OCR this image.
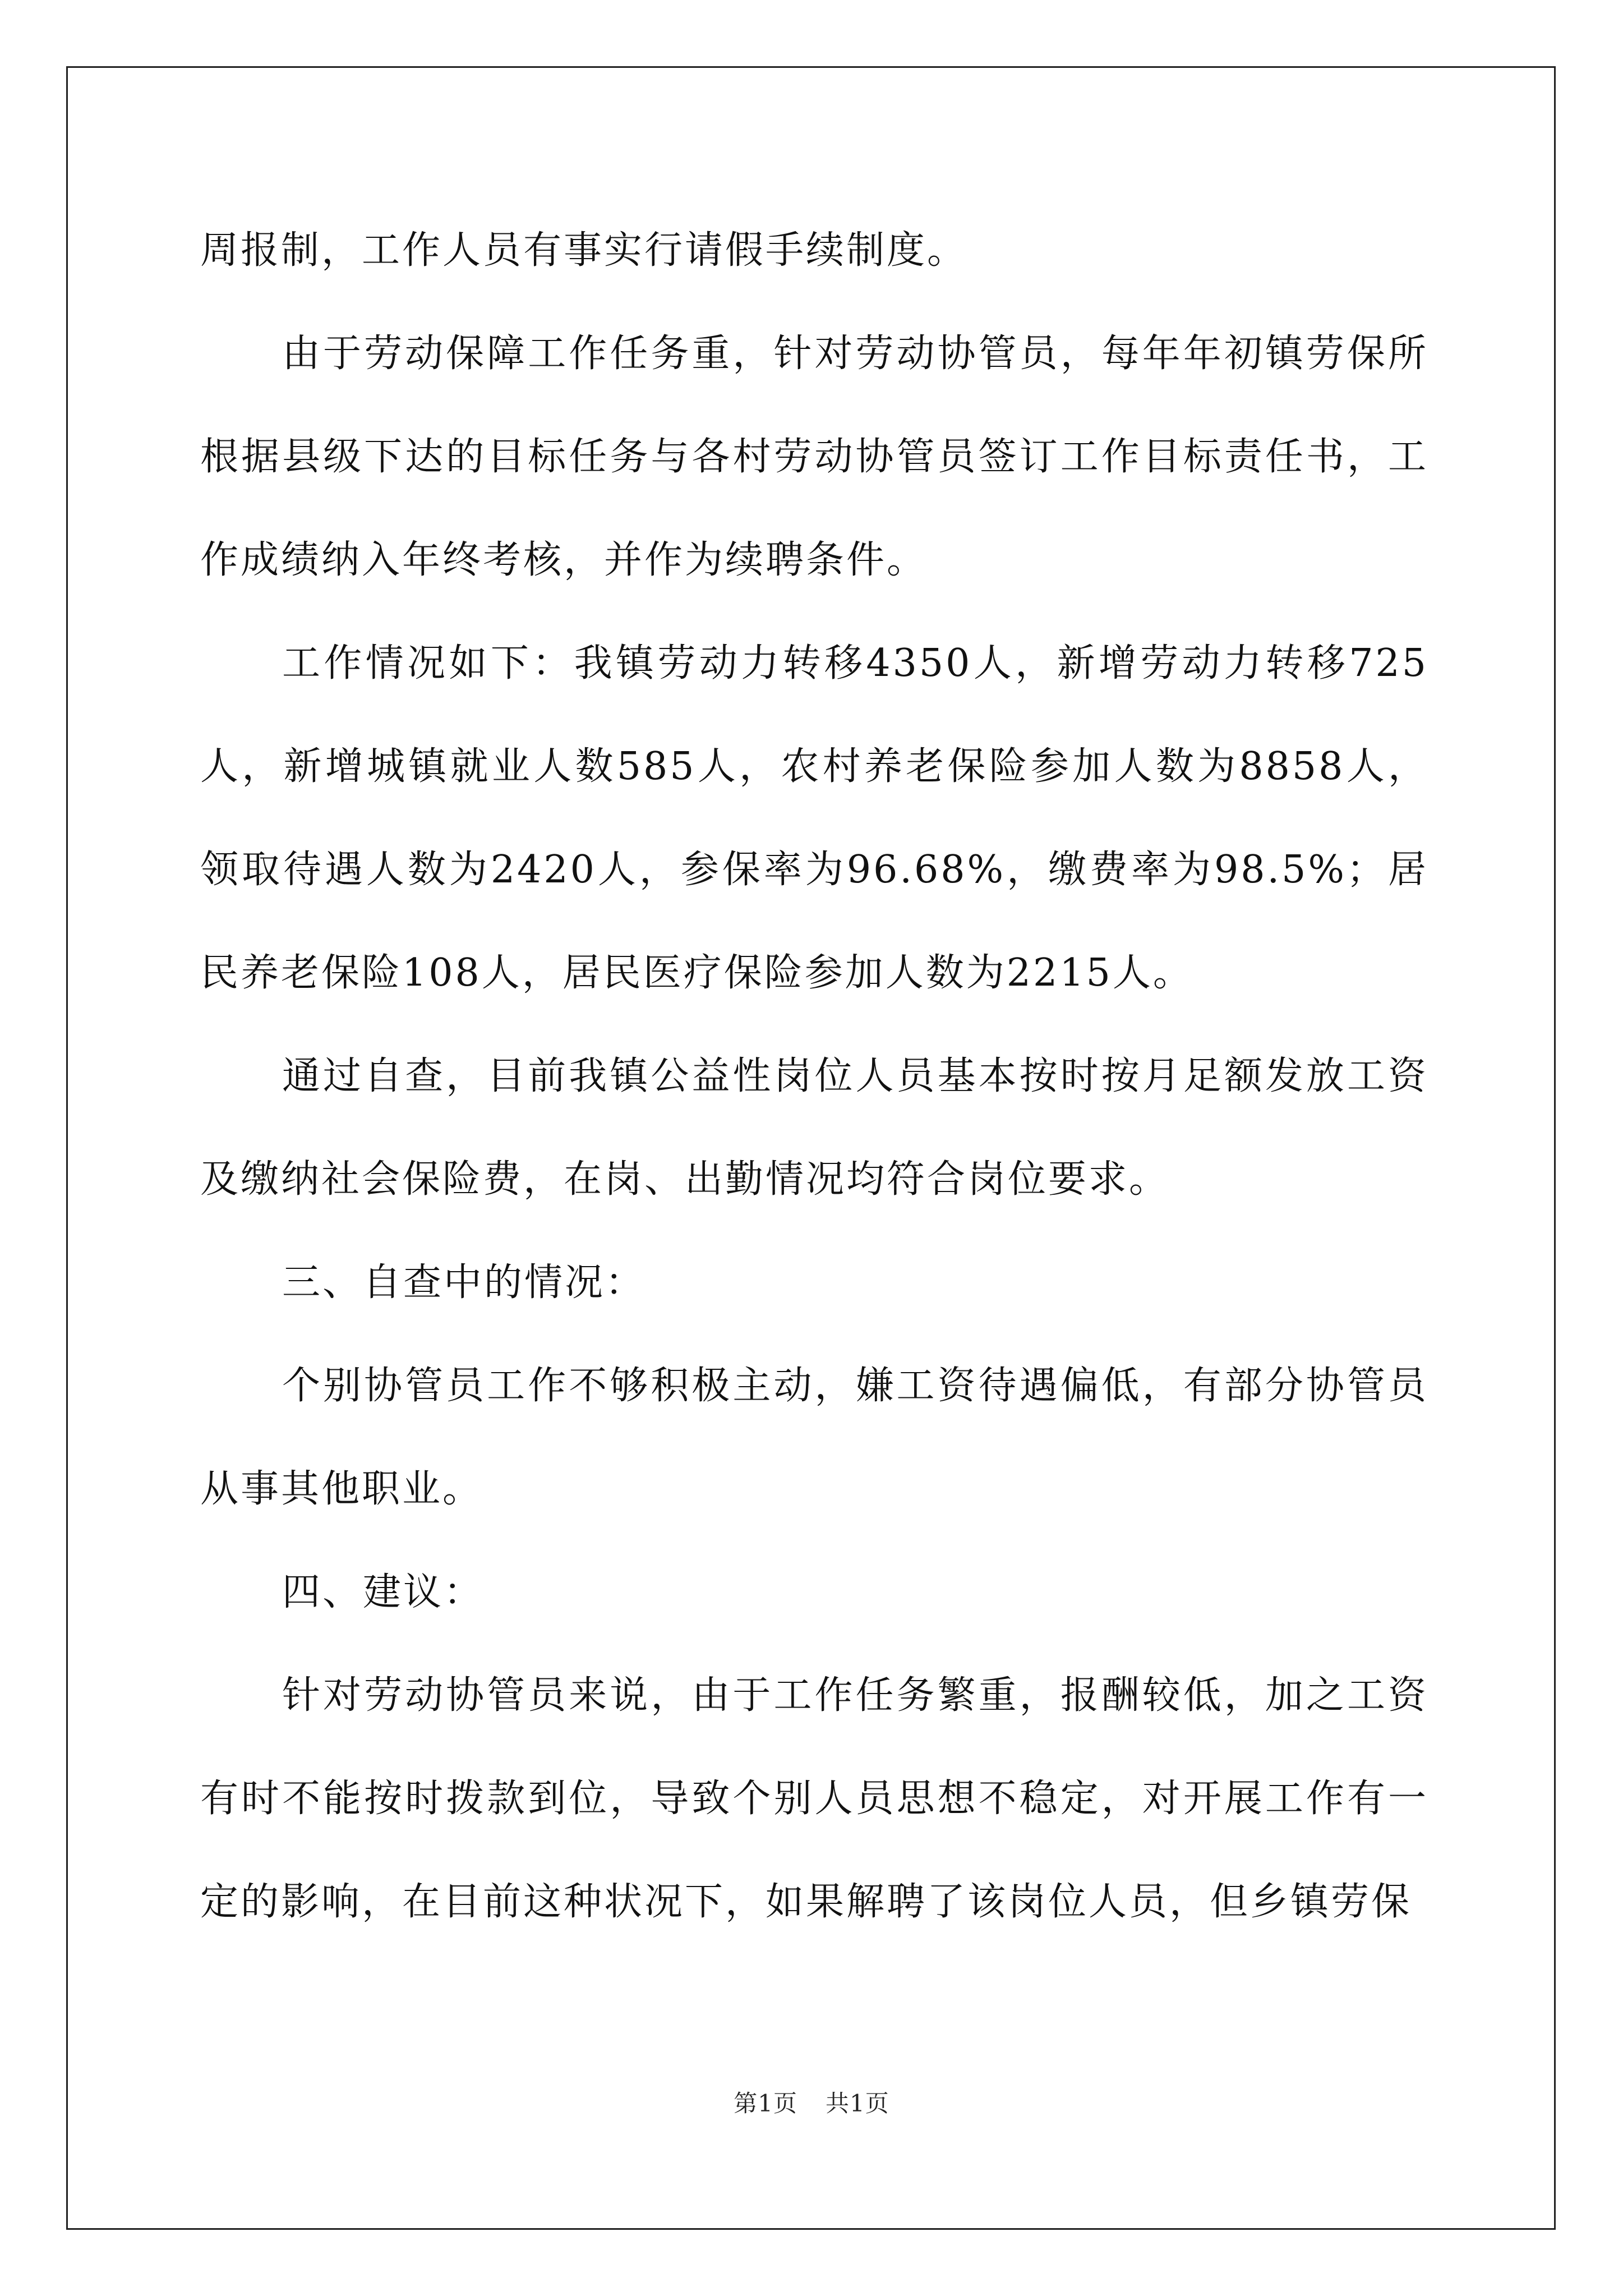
周报制，工作人员有事实行请假手续制度。

由于劳动保障工作任务重，针对劳动协管员，每年年初镇劳保所根据县级下达的目标任务与各村劳动协管员签订工作目标责任书，工作成绩纳入年终考核，并作为续聘条件。

工作情况如下：我镇劳动力转移4350人，新增劳动力转移725人，新增城镇就业人数585人，农村养老保险参加人数为8858人，领取待遇人数为2420人，参保率为96.68%，缴费率为98.5%；居民养老保险108人，居民医疗保险参加人数为2215人。

通过自查，目前我镇公益性岗位人员基本按时按月足额发放工资及缴纳社会保险费，在岗、出勤情况均符合岗位要求。

三、自查中的情况：

个别协管员工作不够积极主动，嫌工资待遇偏低，有部分协管员从事其他职业。

四、建议：

针对劳动协管员来说，由于工作任务繁重，报酬较低，加之工资有时不能按时拨款到位，导致个别人员思想不稳定，对开展工作有一定的影响，在目前这种状况下，如果解聘了该岗位人员，但乡镇劳保

第1页 共1页
